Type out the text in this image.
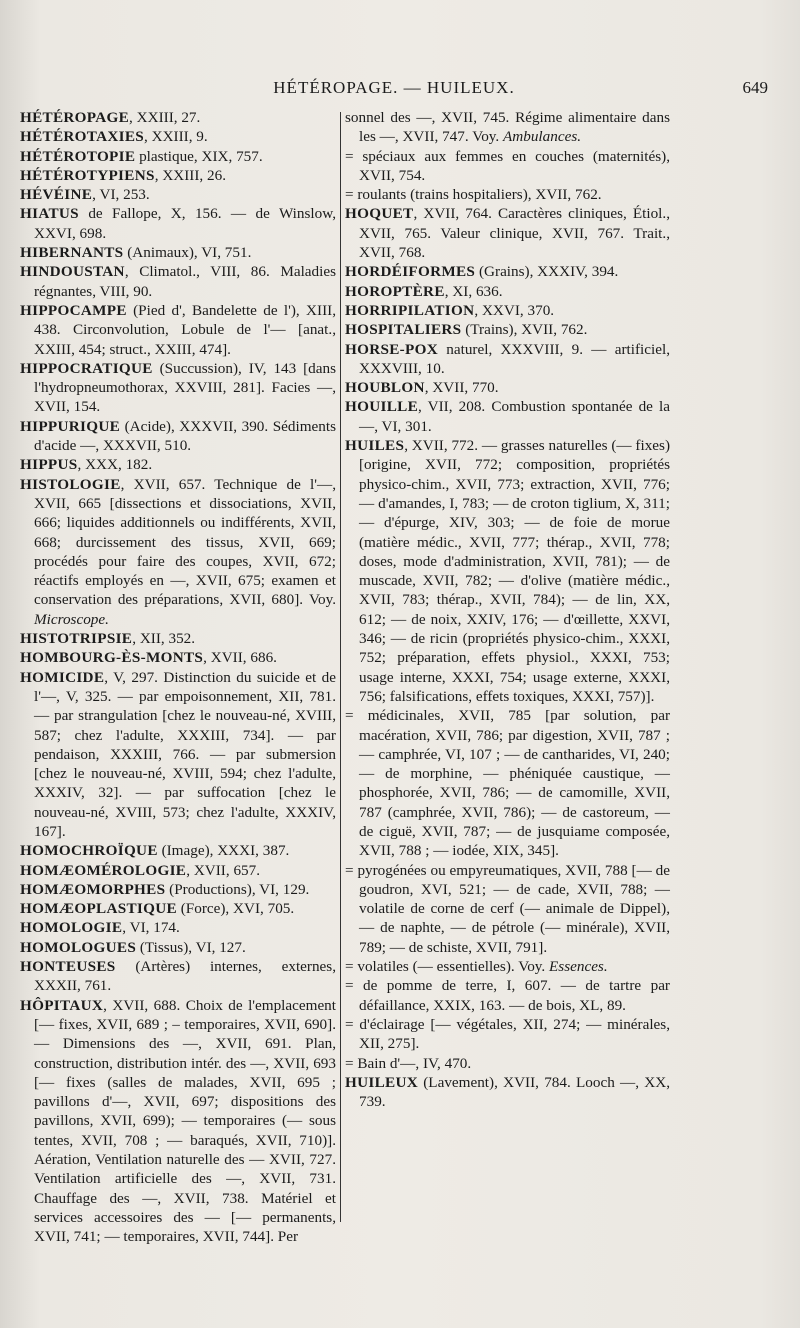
HÉTÉROPAGE. — HUILEUX.	649

HÉTÉROPAGE, XXIII, 27.

HÉTÉROTAXIES, XXIII, 9.

HÉTÉROTOPIE plastique, XIX, 757.

HÉTÉROTYPIENS, XXIII, 26.

HÉVÉINE, VI, 253.

HIATUS de Fallope, X, 156. — de Winslow, XXVI, 698.

HIBERNANTS (Animaux), VI, 751.

HINDOUSTAN, Climatol., VIII, 86. Maladies régnantes, VIII, 90.

HIPPOCAMPE (Pied d', Bandelette de l'), XIII, 438. Circonvolution, Lobule de l'— [anat., XXIII, 454; struct., XXIII, 474].

HIPPOCRATIQUE (Succussion), IV, 143 [dans l'hydropneumothorax, XXVIII, 281]. Facies —, XVII, 154.

HIPPURIQUE (Acide), XXXVII, 390. Sédiments d'acide —, XXXVII, 510.

HIPPUS, XXX, 182.

HISTOLOGIE, XVII, 657. Technique de l'—, XVII, 665 [dissections et dissociations, XVII, 666; liquides additionnels ou indifférents, XVII, 668; durcissement des tissus, XVII, 669; procédés pour faire des coupes, XVII, 672; réactifs employés en —, XVII, 675; examen et conservation des préparations, XVII, 680]. Voy. Microscope.

HISTOTRIPSIE, XII, 352.

HOMBOURG-ÈS-MONTS, XVII, 686.

HOMICIDE, V, 297. Distinction du suicide et de l'—, V, 325. — par empoisonnement, XII, 781. — par strangulation [chez le nouveau-né, XVIII, 587; chez l'adulte, XXXIII, 734]. — par pendaison, XXXIII, 766. — par submersion [chez le nouveau-né, XVIII, 594; chez l'adulte, XXXIV, 32]. — par suffocation [chez le nouveau-né, XVIII, 573; chez l'adulte, XXXIV, 167].

HOMOCHROÏQUE (Image), XXXI, 387.

HOMÆOMÉROLOGIE, XVII, 657.

HOMÆOMORPHES (Productions), VI, 129.

HOMÆOPLASTIQUE (Force), XVI, 705.

HOMOLOGIE, VI, 174.

HOMOLOGUES (Tissus), VI, 127.

HONTEUSES (Artères) internes, externes, XXXII, 761.

HÔPITAUX, XVII, 688. Choix de l'emplacement [— fixes, XVII, 689 ; – temporaires, XVII, 690]. — Dimensions des —, XVII, 691. Plan, construction, distribution intér. des —, XVII, 693 [— fixes (salles de malades, XVII, 695 ; pavillons d'—, XVII, 697; dispositions des pavillons, XVII, 699); — temporaires (— sous tentes, XVII, 708 ; — baraqués, XVII, 710)]. Aération, Ventilation naturelle des — XVII, 727. Ventilation artificielle des —, XVII, 731. Chauffage des —, XVII, 738. Matériel et services accessoires des — [— permanents, XVII, 741; — temporaires, XVII, 744]. Per

sonnel des —, XVII, 745. Régime alimentaire dans les —, XVII, 747. Voy. Ambulances.

= spéciaux aux femmes en couches (maternités), XVII, 754.

= roulants (trains hospitaliers), XVII, 762.

HOQUET, XVII, 764. Caractères cliniques, Étiol., XVII, 765. Valeur clinique, XVII, 767. Trait., XVII, 768.

HORDÉIFORMES (Grains), XXXIV, 394.

HOROPTÈRE, XI, 636.

HORRIPILATION, XXVI, 370.

HOSPITALIERS (Trains), XVII, 762.

HORSE-POX naturel, XXXVIII, 9. — artificiel, XXXVIII, 10.

HOUBLON, XVII, 770.

HOUILLE, VII, 208. Combustion spontanée de la —, VI, 301.

HUILES, XVII, 772. — grasses naturelles (— fixes) [origine, XVII, 772; composition, propriétés physico-chim., XVII, 773; extraction, XVII, 776; — d'amandes, I, 783; — de croton tiglium, X, 311; — d'épurge, XIV, 303; — de foie de morue (matière médic., XVII, 777; thérap., XVII, 778; doses, mode d'administration, XVII, 781); — de muscade, XVII, 782; — d'olive (matière médic., XVII, 783; thérap., XVII, 784); — de lin, XX, 612; — de noix, XXIV, 176; — d'œillette, XXVI, 346; — de ricin (propriétés physico-chim., XXXI, 752; préparation, effets physiol., XXXI, 753; usage interne, XXXI, 754; usage externe, XXXI, 756; falsifications, effets toxiques, XXXI, 757)].

= médicinales, XVII, 785 [par solution, par macération, XVII, 786; par digestion, XVII, 787 ; — camphrée, VI, 107 ; — de cantharides, VI, 240; — de morphine, — phéniquée caustique, — phosphorée, XVII, 786; — de camomille, XVII, 787 (camphrée, XVII, 786); — de castoreum, — de ciguë, XVII, 787; — de jusquiame composée, XVII, 788 ; — iodée, XIX, 345].

= pyrogénées ou empyreumatiques, XVII, 788 [— de goudron, XVI, 521; — de cade, XVII, 788; — volatile de corne de cerf (— animale de Dippel), — de naphte, — de pétrole (— minérale), XVII, 789; — de schiste, XVII, 791].

= volatiles (— essentielles). Voy. Essences.

= de pomme de terre, I, 607. — de tartre par défaillance, XXIX, 163. — de bois, XL, 89.

= d'éclairage [— végétales, XII, 274; — minérales, XII, 275].

= Bain d'—, IV, 470.

HUILEUX (Lavement), XVII, 784. Looch —, XX, 739.
